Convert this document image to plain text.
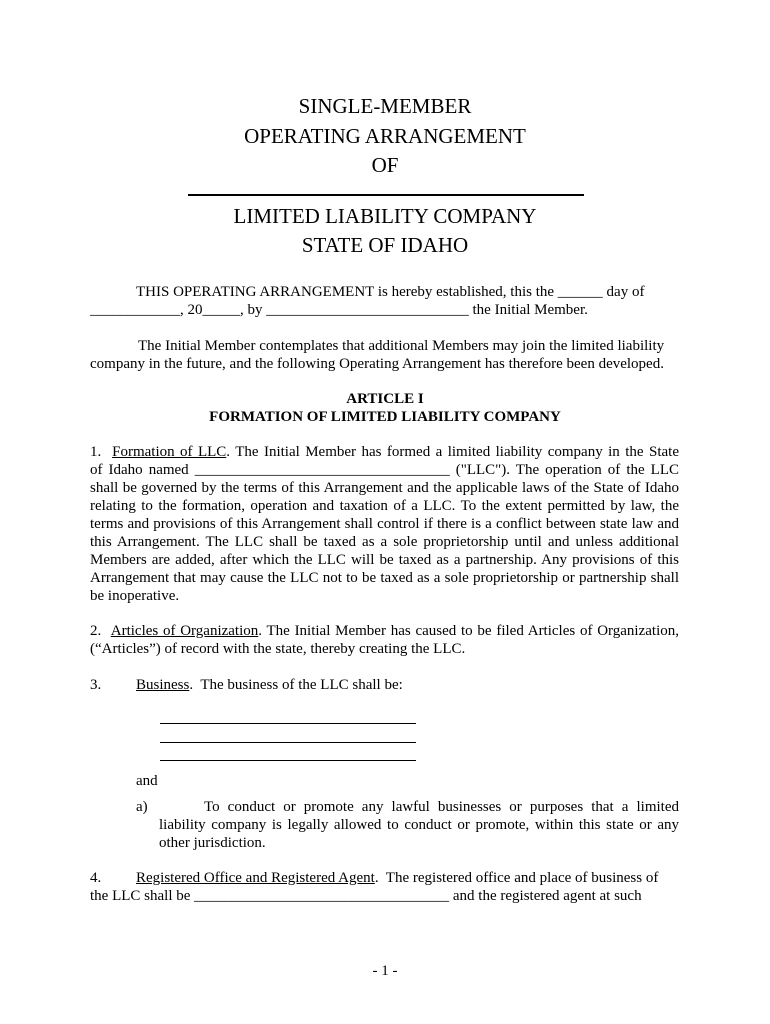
SINGLE-MEMBER
OPERATING ARRANGEMENT
OF
LIMITED LIABILITY COMPANY
STATE OF IDAHO
THIS OPERATING ARRANGEMENT is hereby established, this the ______ day of
____________, 20_____, by ___________________________ the Initial Member.
The Initial Member contemplates that additional Members may join the limited liability
company in the future, and the following Operating Arrangement has therefore been developed.
ARTICLE I
FORMATION OF LIMITED LIABILITY COMPANY
1. Formation of LLC. The Initial Member has formed a limited liability company in the State
of Idaho named __________________________________ ("LLC"). The operation of the LLC
shall be governed by the terms of this Arrangement and the applicable laws of the State of Idaho
relating to the formation, operation and taxation of a LLC. To the extent permitted by law, the
terms and provisions of this Arrangement shall control if there is a conflict between state law and
this Arrangement. The LLC shall be taxed as a sole proprietorship until and unless additional
Members are added, after which the LLC will be taxed as a partnership. Any provisions of this
Arrangement that may cause the LLC not to be taxed as a sole proprietorship or partnership shall
be inoperative.
2. Articles of Organization. The Initial Member has caused to be filed Articles of Organization,
(“Articles”) of record with the state, thereby creating the LLC.
3. Business.  The business of the LLC shall be:
and
a)	To conduct or promote any lawful businesses or purposes that a limited
liability company is legally allowed to conduct or promote, within this state or any
other jurisdiction.
4. Registered Office and Registered Agent.  The registered office and place of business of
the LLC shall be __________________________________ and the registered agent at such
- 1 -
